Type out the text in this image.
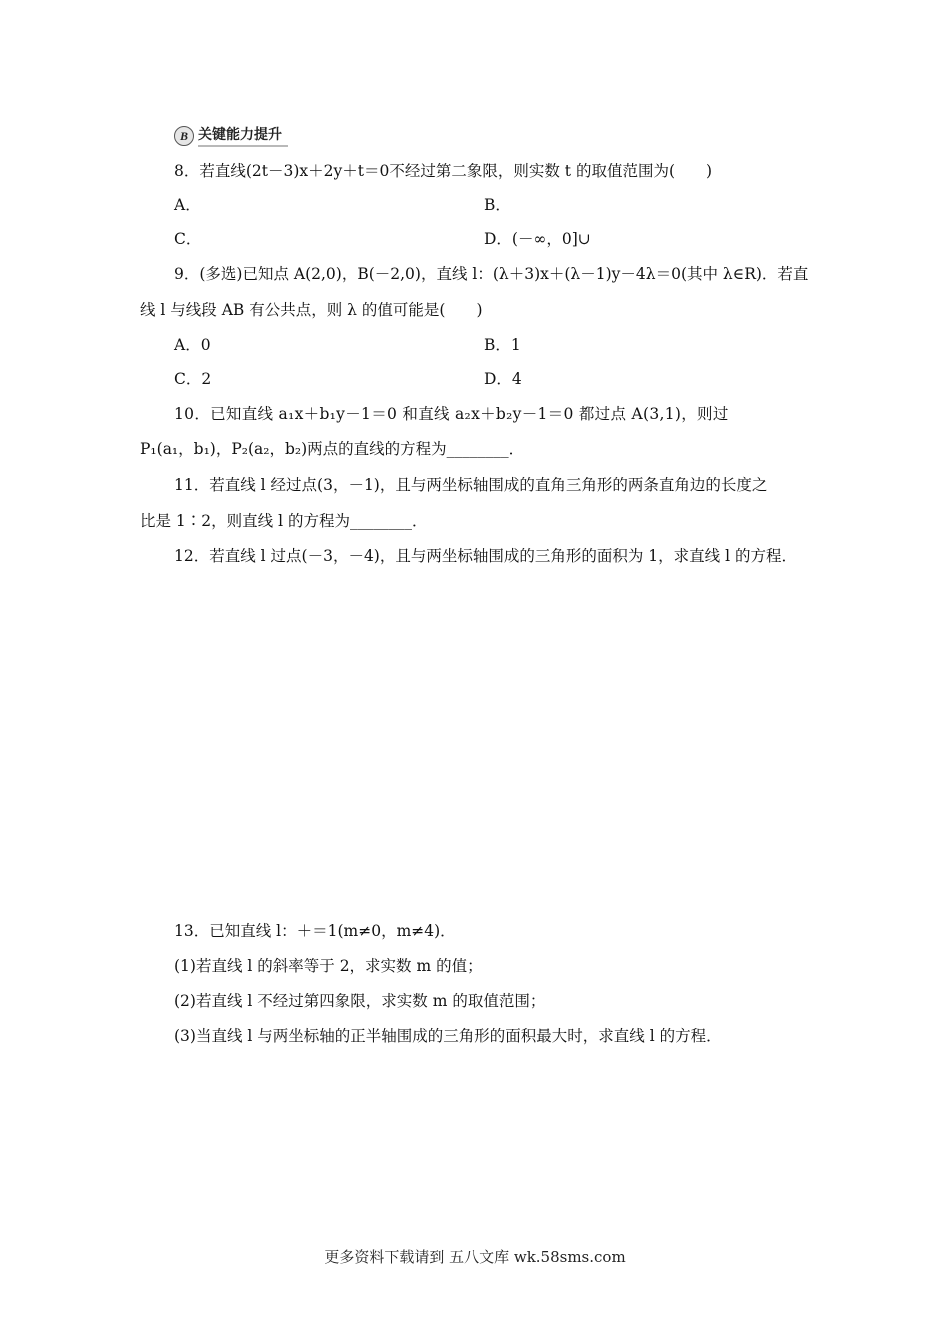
B 关键能力提升
8．若直线(2t－3)x＋2y＋t＝0不经过第二象限，则实数 t 的取值范围为(　　)
A．	B．
C．	D．(－∞，0]∪
9．(多选)已知点 A(2,0)，B(－2,0)，直线 l：(λ＋3)x＋(λ－1)y－4λ＝0(其中 λ∈R)．若直
线 l 与线段 AB 有公共点，则 λ 的值可能是(　　)
A．0	B．1
C．2	D．4
10．已知直线 a₁x＋b₁y－1＝0 和直线 a₂x＋b₂y－1＝0 都过点 A(3,1)，则过
P₁(a₁，b₁)，P₂(a₂，b₂)两点的直线的方程为________．
11．若直线 l 经过点(3，－1)，且与两坐标轴围成的直角三角形的两条直角边的长度之
比是 1∶2，则直线 l 的方程为________．
12．若直线 l 过点(－3，－4)，且与两坐标轴围成的三角形的面积为 1，求直线 l 的方程．
13．已知直线 l：＋＝1(m≠0，m≠4)．
(1)若直线 l 的斜率等于 2，求实数 m 的值；
(2)若直线 l 不经过第四象限，求实数 m 的取值范围；
(3)当直线 l 与两坐标轴的正半轴围成的三角形的面积最大时，求直线 l 的方程．
更多资料下载请到 五八文库 wk.58sms.com
